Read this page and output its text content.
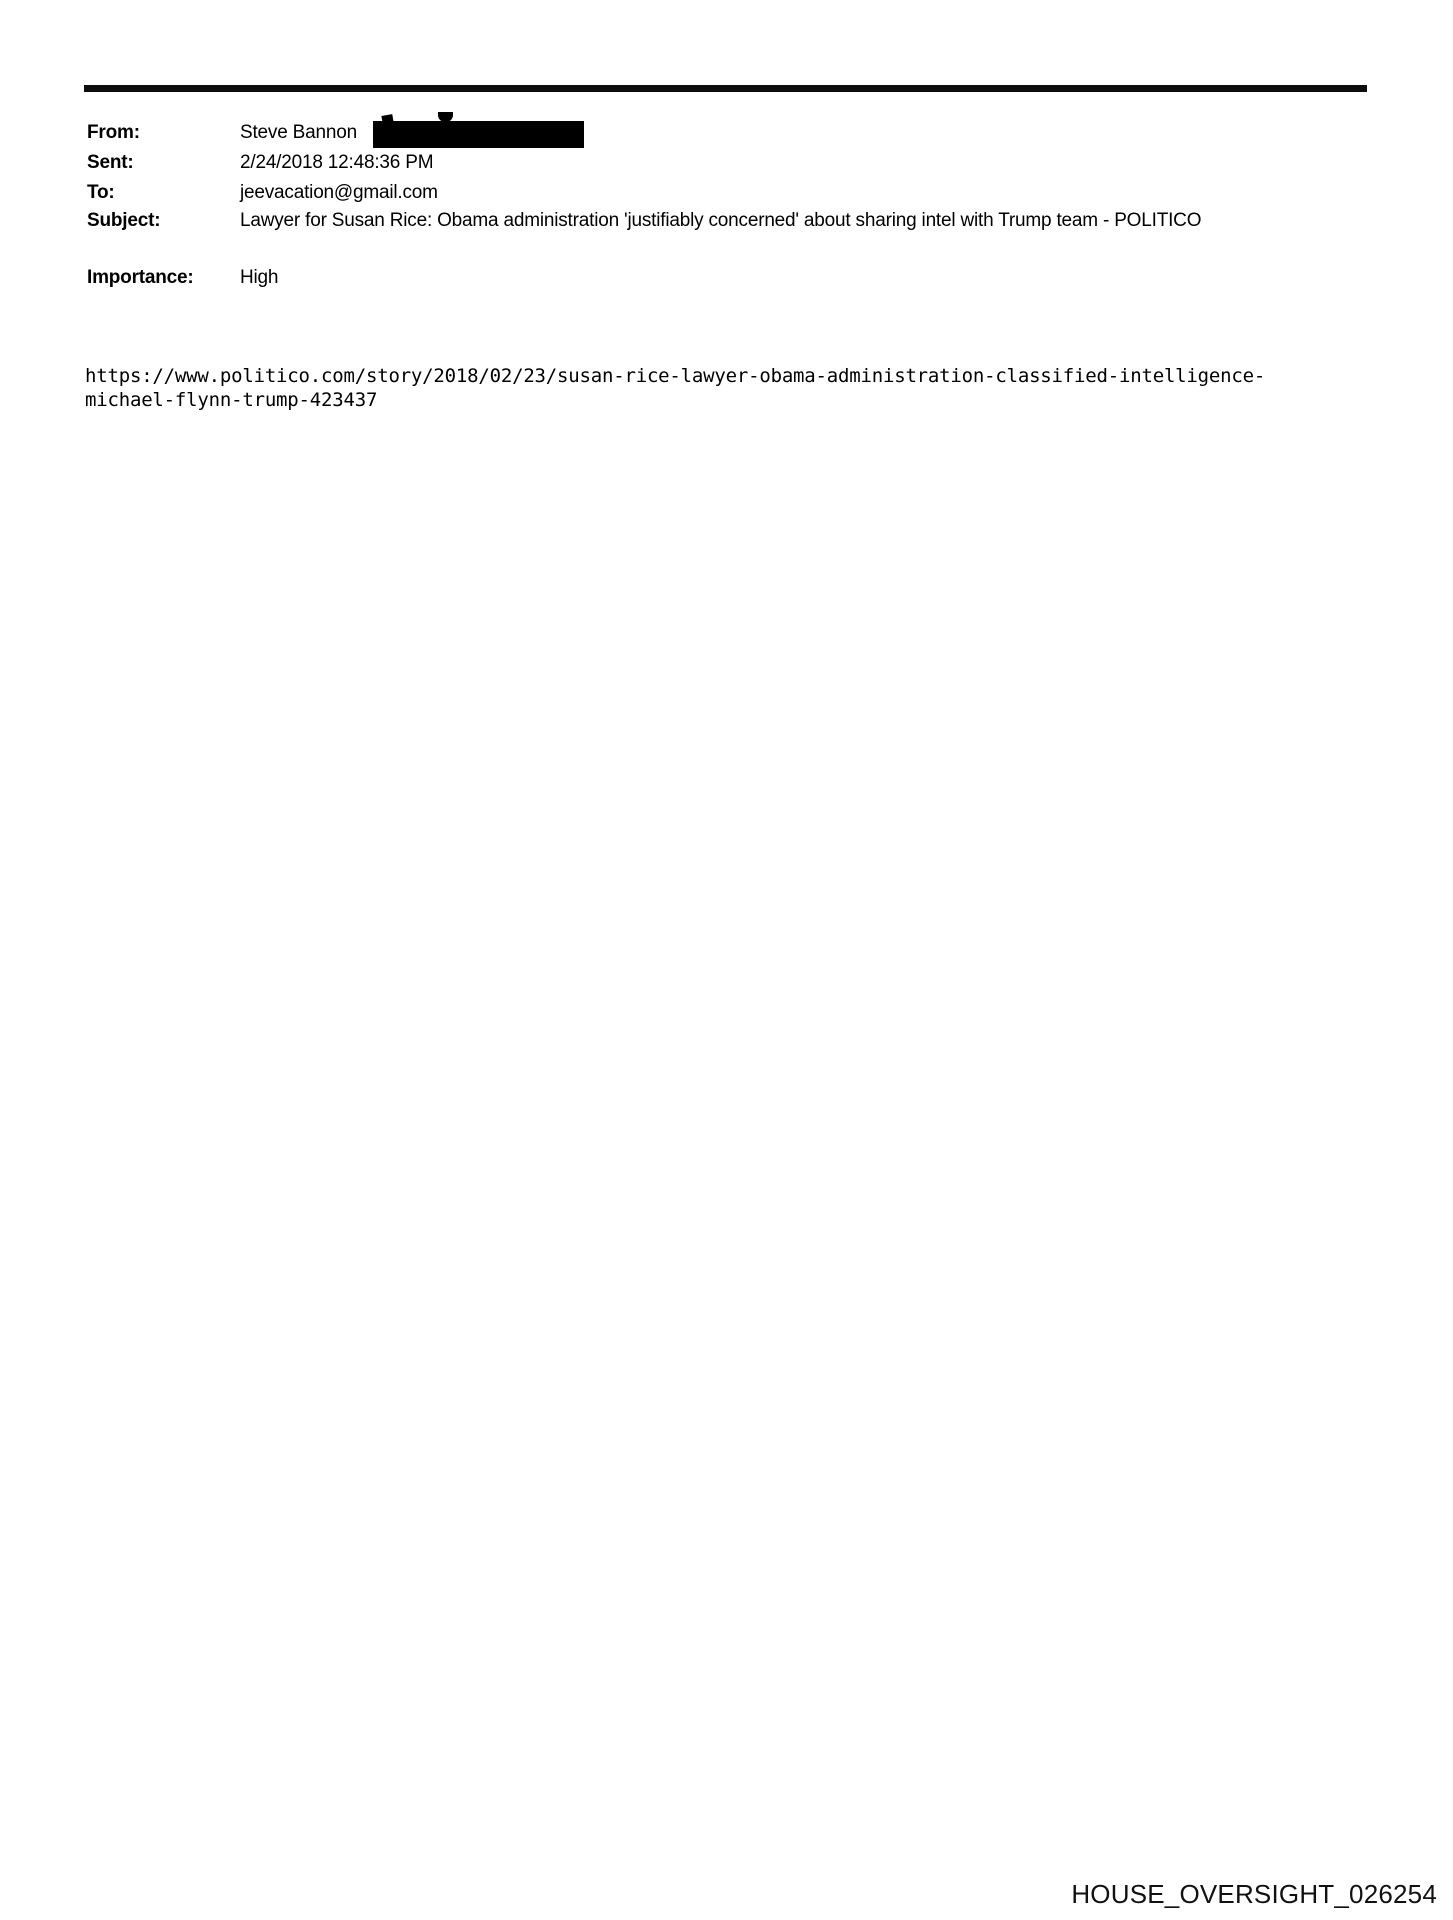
From:	Steve Bannon
Sent:	2/24/2018 12:48:36 PM
To:	jeevacation@gmail.com
Subject:	Lawyer for Susan Rice: Obama administration 'justifiably concerned' about sharing intel with Trump team - POLITICO
Importance: High
https://www.politico.com/story/2018/02/23/susan-rice-lawyer-obama-administration-classified-intelligence-
michael-flynn-trump-423437
HOUSE_OVERSIGHT_026254
